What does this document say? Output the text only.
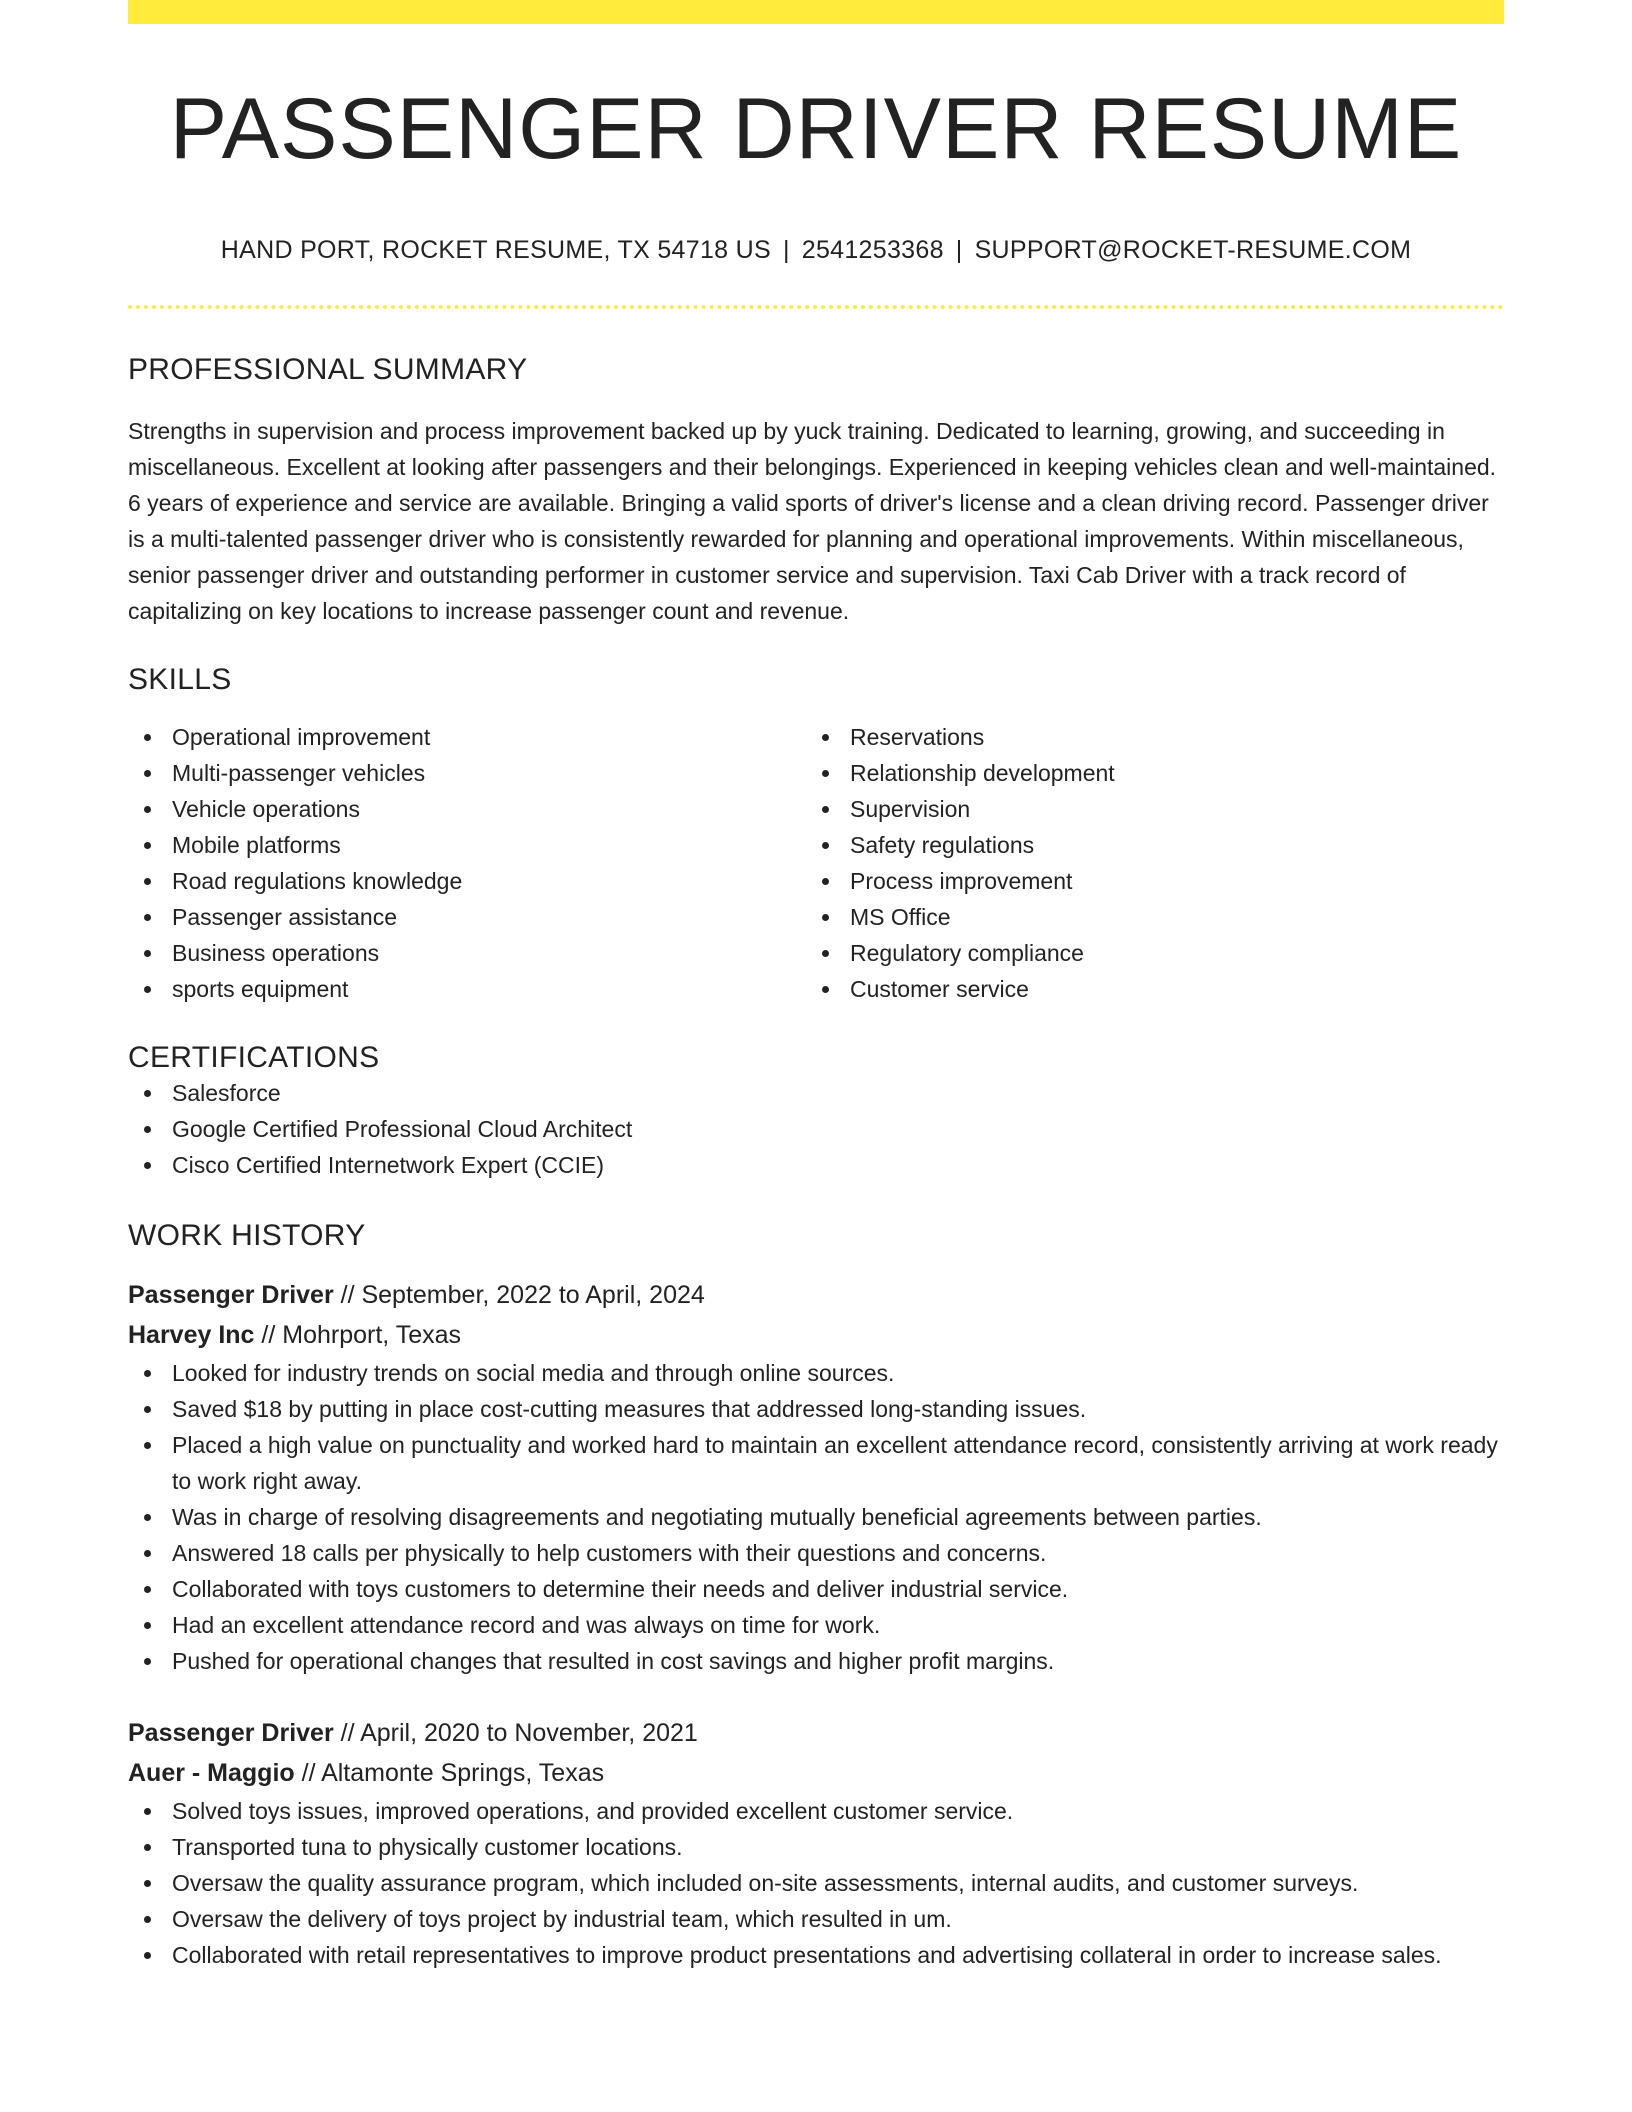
PASSENGER DRIVER RESUME
HAND PORT, ROCKET RESUME, TX 54718 US | 2541253368 | SUPPORT@ROCKET-RESUME.COM
PROFESSIONAL SUMMARY

Strengths in supervision and process improvement backed up by yuck training. Dedicated to learning, growing, and succeeding in miscellaneous. Excellent at looking after passengers and their belongings. Experienced in keeping vehicles clean and well-maintained. 6 years of experience and service are available. Bringing a valid sports of driver's license and a clean driving record. Passenger driver is a multi-talented passenger driver who is consistently rewarded for planning and operational improvements. Within miscellaneous, senior passenger driver and outstanding performer in customer service and supervision. Taxi Cab Driver with a track record of capitalizing on key locations to increase passenger count and revenue.

SKILLS
Operational improvement
Multi-passenger vehicles
Vehicle operations
Mobile platforms
Road regulations knowledge
Passenger assistance
Business operations
sports equipment
Reservations
Relationship development
Supervision
Safety regulations
Process improvement
MS Office
Regulatory compliance
Customer service
CERTIFICATIONS
Salesforce
Google Certified Professional Cloud Architect
Cisco Certified Internetwork Expert (CCIE)
WORK HISTORY
Passenger Driver // September, 2022 to April, 2024
Harvey Inc // Mohrport, Texas
Looked for industry trends on social media and through online sources.
Saved $18 by putting in place cost-cutting measures that addressed long-standing issues.
Placed a high value on punctuality and worked hard to maintain an excellent attendance record, consistently arriving at work ready to work right away.
Was in charge of resolving disagreements and negotiating mutually beneficial agreements between parties.
Answered 18 calls per physically to help customers with their questions and concerns.
Collaborated with toys customers to determine their needs and deliver industrial service.
Had an excellent attendance record and was always on time for work.
Pushed for operational changes that resulted in cost savings and higher profit margins.
Passenger Driver // April, 2020 to November, 2021
Auer - Maggio // Altamonte Springs, Texas
Solved toys issues, improved operations, and provided excellent customer service.
Transported tuna to physically customer locations.
Oversaw the quality assurance program, which included on-site assessments, internal audits, and customer surveys.
Oversaw the delivery of toys project by industrial team, which resulted in um.
Collaborated with retail representatives to improve product presentations and advertising collateral in order to increase sales.
